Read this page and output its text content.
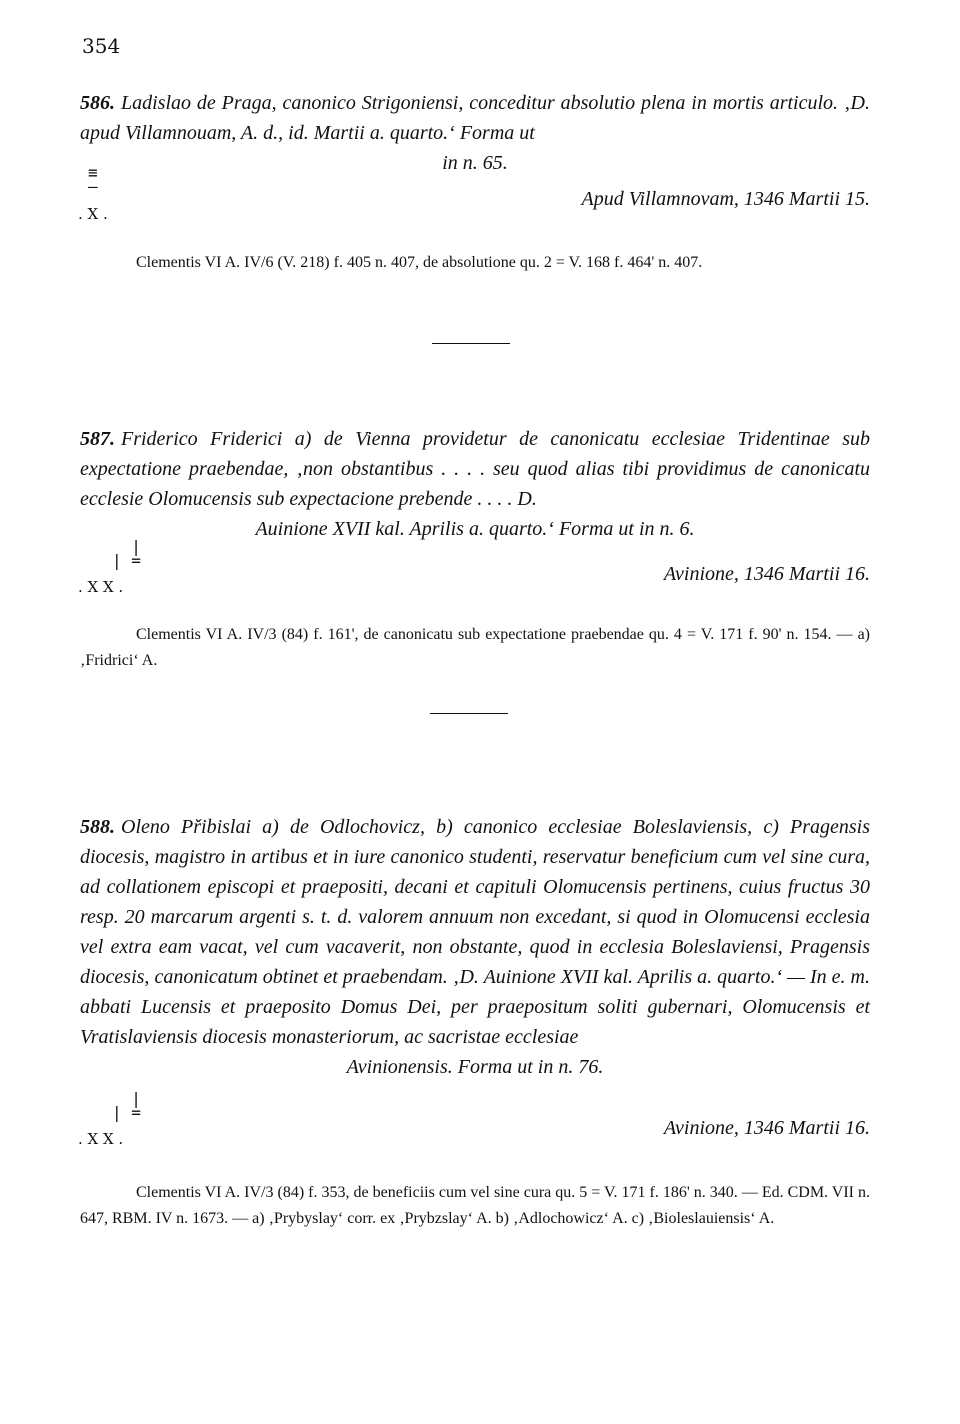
354
586. Ladislao de Praga, canonico Strigoniensi, conceditur absolutio plena in mortis articulo. ‚D. apud Villamnouam, A. d., id. Martii a. quarto.‘ Forma ut
in n. 65.
≡
—
. X .
Apud Villamnovam, 1346 Martii 15.
Clementis VI A. IV/6 (V. 218) f. 405 n. 407, de absolutione qu. 2 = V. 168 f. 464' n. 407.
587. Friderico Friderici a) de Vienna providetur de canonicatu ecclesiae Tridentinae sub expectatione praebendae, ‚non obstantibus . . . . seu quod alias tibi providimus de canonicatu ecclesie Olomucensis sub expectacione prebende . . . . D.
Auinione XVII kal. Aprilis a. quarto.‘ Forma ut in n. 6.
|
| =
. X X .
Avinione, 1346 Martii 16.
Clementis VI A. IV/3 (84) f. 161', de canonicatu sub expectatione praebendae qu. 4 = V. 171 f. 90' n. 154. — a) ‚Fridrici‘ A.
588. Oleno Přibislai a) de Odlochovicz, b) canonico ecclesiae Boleslaviensis, c) Pragensis diocesis, magistro in artibus et in iure canonico studenti, reservatur beneficium cum vel sine cura, ad collationem episcopi et praepositi, decani et capituli Olomucensis pertinens, cuius fructus 30 resp. 20 marcarum argenti s. t. d. valorem annuum non excedant, si quod in Olomucensi ecclesia vel extra eam vacat, vel cum vacaverit, non obstante, quod in ecclesia Boleslaviensi, Pragensis diocesis, canonicatum obtinet et praebendam. ‚D. Auinione XVII kal. Aprilis a. quarto.‘ — In e. m. abbati Lucensis et praeposito Domus Dei, per praepositum soliti gubernari, Olomucensis et Vratislaviensis diocesis monasteriorum, ac sacristae ecclesiae
Avinionensis. Forma ut in n. 76.
|
| =
. X X .	Avinione, 1346 Martii 16.
Clementis VI A. IV/3 (84) f. 353, de beneficiis cum vel sine cura qu. 5 = V. 171 f. 186' n. 340. — Ed. CDM. VII n. 647, RBM. IV n. 1673. — a) ‚Prybyslay‘ corr. ex ‚Prybzslay‘ A. b) ‚Adlochowicz‘ A. c) ‚Bioleslauiensis‘ A.
